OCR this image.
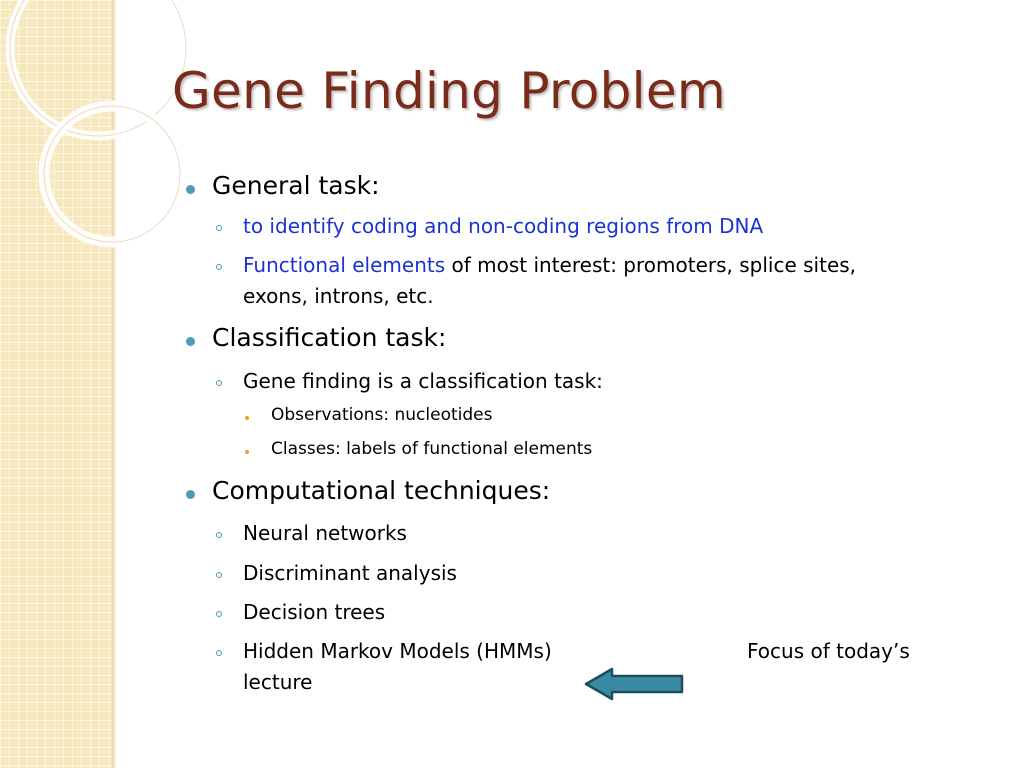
Gene Finding Problem
General task:
to identify coding and non-coding regions from DNA
Functional elements of most interest: promoters, splice sites,
exons, introns, etc.
Classification task:
Gene finding is a classification task:
Observations: nucleotides
Classes: labels of functional elements
Computational techniques:
Neural networks
Discriminant analysis
Decision trees
Hidden Markov Models (HMMs)	Focus of today’s
lecture
